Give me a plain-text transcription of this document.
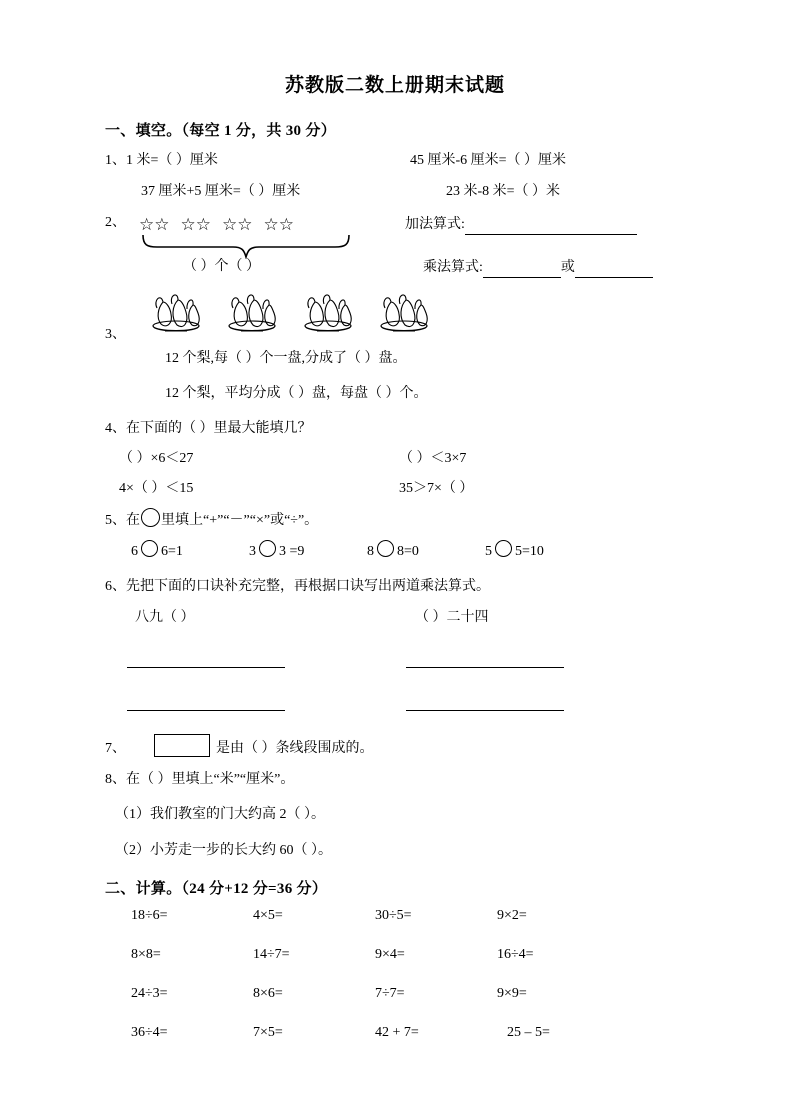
苏教版二数上册期末试题
一、填空。（每空 1 分，共 30 分）
1、1 米=（ ）厘米	45 厘米-6 厘米=（ ）厘米
37 厘米+5 厘米=（ ）厘米	23 米-8 米=（ ）米
2、 ☆☆ ☆☆ ☆☆ ☆☆
（ ）个（ ）
加法算式:
乘法算式:	或
3、
12 个梨,每（ ）个一盘,分成了（ ）盘。
12 个梨，平均分成（ ）盘，每盘（ ）个。
4、在下面的（ ）里最大能填几？
（ ）×6＜27	（ ）＜3×7
4×（ ）＜15	35＞7×（ ）
5、在 里填上“+”“－”“×”或“÷”。
6 6=1	3 3 =9	8 8=0	5 5=10
6、先把下面的口诀补充完整，再根据口诀写出两道乘法算式。
八九（ ）	（ ）二十四
7、	是由（ ）条线段围成的。
8、在（ ）里填上“米”“厘米”。
（1）我们教室的门大约高 2（ ）。
（2）小芳走一步的长大约 60（ ）。
二、计算。（24 分+12 分=36 分）
18÷6=	4×5=	30÷5=	9×2=
8×8=	14÷7=	9×4=	16÷4=
24÷3=	8×6=	7÷7=	9×9=
36÷4=	7×5=	42 + 7=	25 – 5=
